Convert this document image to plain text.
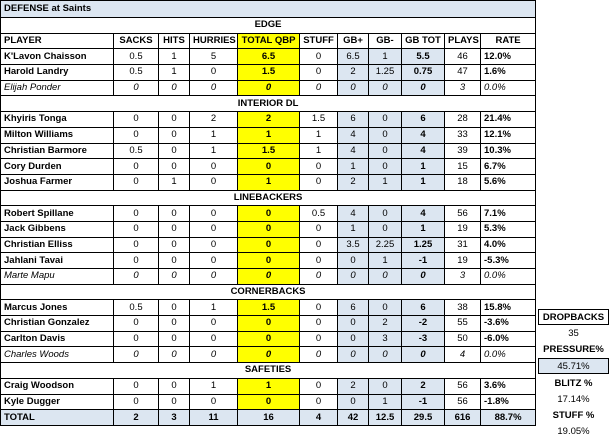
DEFENSE at Saints										
EDGE										
PLAYER	SACKS	HITS	HURRIES	TOTAL QBP	STUFF	GB+	GB-	GB TOT	PLAYS	RATE
K'Lavon Chaisson	0.5	1	5	6.5	0	6.5	1	5.5	46	12.0%
Harold Landry	0.5	1	0	1.5	0	2	1.25	0.75	47	1.6%
Elijah Ponder	0	0	0	0	0	0	0	0	3	0.0%
INTERIOR DL										
Khyiris Tonga	0	0	2	2	1.5	6	0	6	28	21.4%
Milton Williams	0	0	1	1	1	4	0	4	33	12.1%
Christian Barmore	0.5	0	1	1.5	1	4	0	4	39	10.3%
Cory Durden	0	0	0	0	0	1	0	1	15	6.7%
Joshua Farmer	0	1	0	1	0	2	1	1	18	5.6%
LINEBACKERS										
Robert Spillane	0	0	0	0	0.5	4	0	4	56	7.1%
Jack Gibbens	0	0	0	0	0	1	0	1	19	5.3%
Christian Elliss	0	0	0	0	0	3.5	2.25	1.25	31	4.0%
Jahlani Tavai	0	0	0	0	0	0	1	-1	19	-5.3%
Marte Mapu	0	0	0	0	0	0	0	0	3	0.0%
CORNERBACKS										
Marcus Jones	0.5	0	1	1.5	0	6	0	6	38	15.8%
Christian Gonzalez	0	0	0	0	0	0	2	-2	55	-3.6%
Carlton Davis	0	0	0	0	0	0	3	-3	50	-6.0%
Charles Woods	0	0	0	0	0	0	0	0	4	0.0%
SAFETIES										
Craig Woodson	0	0	1	1	0	2	0	2	56	3.6%
Kyle Dugger	0	0	0	0	0	0	1	-1	56	-1.8%
TOTAL	2	3	11	16	4	42	12.5	29.5	616	88.7%
DROPBACKS
35
PRESSURE%
45.71%
BLITZ %
17.14%
STUFF %
19.05%
